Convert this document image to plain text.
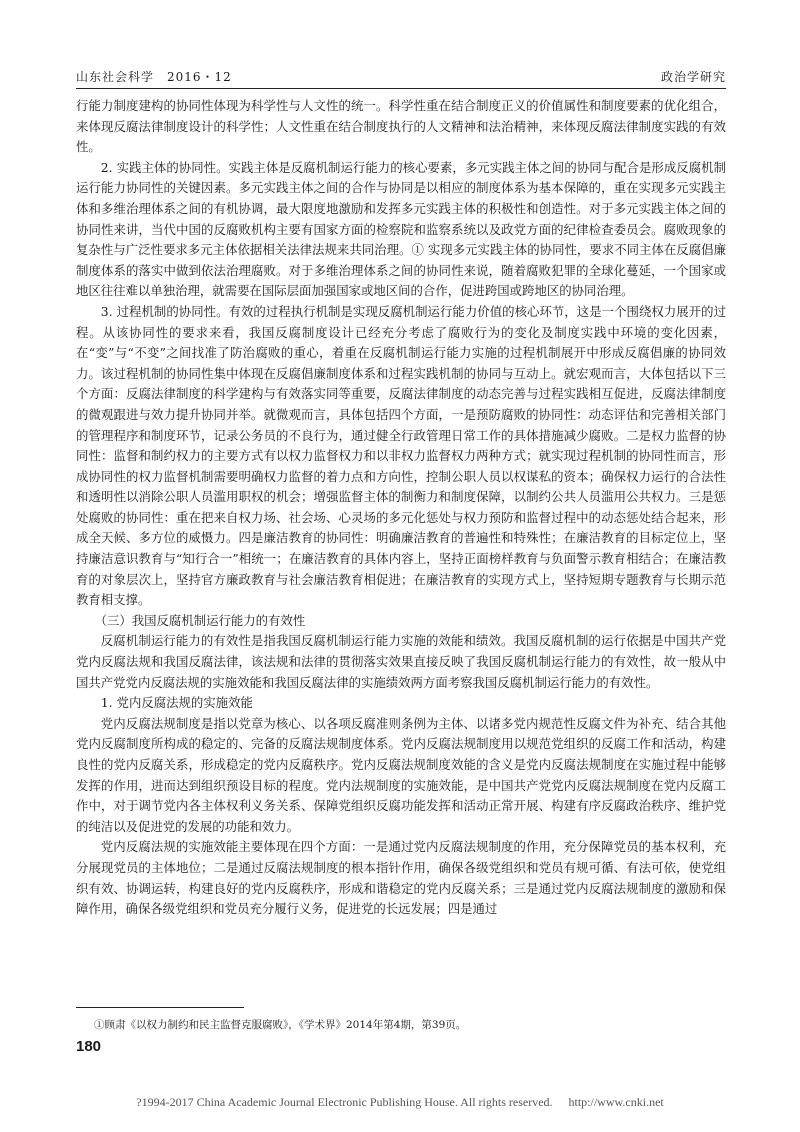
山东社会科学　2016・12	政治学研究

行能力制度建构的协同性体现为科学性与人文性的统一。科学性重在结合制度正义的价值属性和制度要素的优化组合，来体现反腐法律制度设计的科学性；人文性重在结合制度执行的人文精神和法治精神，来体现反腐法律制度实践的有效性。

2. 实践主体的协同性。实践主体是反腐机制运行能力的核心要素，多元实践主体之间的协同与配合是形成反腐机制运行能力协同性的关键因素。多元实践主体之间的合作与协同是以相应的制度体系为基本保障的，重在实现多元实践主体和多维治理体系之间的有机协调，最大限度地激励和发挥多元实践主体的积极性和创造性。对于多元实践主体之间的协同性来讲，当代中国的反腐败机构主要有国家方面的检察院和监察系统以及政党方面的纪律检查委员会。腐败现象的复杂性与广泛性要求多元主体依据相关法律法规来共同治理。① 实现多元实践主体的协同性，要求不同主体在反腐倡廉制度体系的落实中做到依法治理腐败。对于多维治理体系之间的协同性来说，随着腐败犯罪的全球化蔓延，一个国家或地区往往难以单独治理，就需要在国际层面加强国家或地区间的合作，促进跨国或跨地区的协同治理。

3. 过程机制的协同性。有效的过程执行机制是实现反腐机制运行能力价值的核心环节，这是一个围绕权力展开的过程。从该协同性的要求来看，我国反腐制度设计已经充分考虑了腐败行为的变化及制度实践中环境的变化因素，在“变”与“不变”之间找准了防治腐败的重心，着重在反腐机制运行能力实施的过程机制展开中形成反腐倡廉的协同效力。该过程机制的协同性集中体现在反腐倡廉制度体系和过程实践机制的协同与互动上。就宏观而言，大体包括以下三个方面：反腐法律制度的科学建构与有效落实同等重要，反腐法律制度的动态完善与过程实践相互促进，反腐法律制度的微观跟进与效力提升协同并举。就微观而言，具体包括四个方面，一是预防腐败的协同性：动态评估和完善相关部门的管理程序和制度环节，记录公务员的不良行为，通过健全行政管理日常工作的具体措施减少腐败。二是权力监督的协同性：监督和制约权力的主要方式有以权力监督权力和以非权力监督权力两种方式；就实现过程机制的协同性而言，形成协同性的权力监督机制需要明确权力监督的着力点和方向性，控制公职人员以权谋私的资本；确保权力运行的合法性和透明性以消除公职人员滥用职权的机会；增强监督主体的制衡力和制度保障，以制约公共人员滥用公共权力。三是惩处腐败的协同性：重在把来自权力场、社会场、心灵场的多元化惩处与权力预防和监督过程中的动态惩处结合起来，形成全天候、多方位的威慑力。四是廉洁教育的协同性：明确廉洁教育的普遍性和特殊性；在廉洁教育的目标定位上，坚持廉洁意识教育与“知行合一”相统一；在廉洁教育的具体内容上，坚持正面榜样教育与负面警示教育相结合；在廉洁教育的对象层次上，坚持官方廉政教育与社会廉洁教育相促进；在廉洁教育的实现方式上，坚持短期专题教育与长期示范教育相支撑。

（三）我国反腐机制运行能力的有效性

反腐机制运行能力的有效性是指我国反腐机制运行能力实施的效能和绩效。我国反腐机制的运行依据是中国共产党党内反腐法规和我国反腐法律，该法规和法律的贯彻落实效果直接反映了我国反腐机制运行能力的有效性，故一般从中国共产党党内反腐法规的实施效能和我国反腐法律的实施绩效两方面考察我国反腐机制运行能力的有效性。

1. 党内反腐法规的实施效能

党内反腐法规制度是指以党章为核心、以各项反腐准则条例为主体、以诸多党内规范性反腐文件为补充、结合其他党内反腐制度所构成的稳定的、完备的反腐法规制度体系。党内反腐法规制度用以规范党组织的反腐工作和活动，构建良性的党内反腐关系，形成稳定的党内反腐秩序。党内反腐法规制度效能的含义是党内反腐法规制度在实施过程中能够发挥的作用，进而达到组织预设目标的程度。党内法规制度的实施效能，是中国共产党党内反腐法规制度在党内反腐工作中，对于调节党内各主体权利义务关系、保障党组织反腐功能发挥和活动正常开展、构建有序反腐政治秩序、维护党的纯洁以及促进党的发展的功能和效力。

党内反腐法规的实施效能主要体现在四个方面：一是通过党内反腐法规制度的作用，充分保障党员的基本权利，充分展现党员的主体地位；二是通过反腐法规制度的根本指针作用，确保各级党组织和党员有规可循、有法可依，使党组织有效、协调运转，构建良好的党内反腐秩序，形成和谐稳定的党内反腐关系；三是通过党内反腐法规制度的激励和保障作用，确保各级党组织和党员充分履行义务，促进党的长远发展；四是通过

①顾肃《以权力制约和民主监督克服腐败》，《学术界》2014年第4期，第39页。
180
?1994-2017 China Academic Journal Electronic Publishing House. All rights reserved. http://www.cnki.net
